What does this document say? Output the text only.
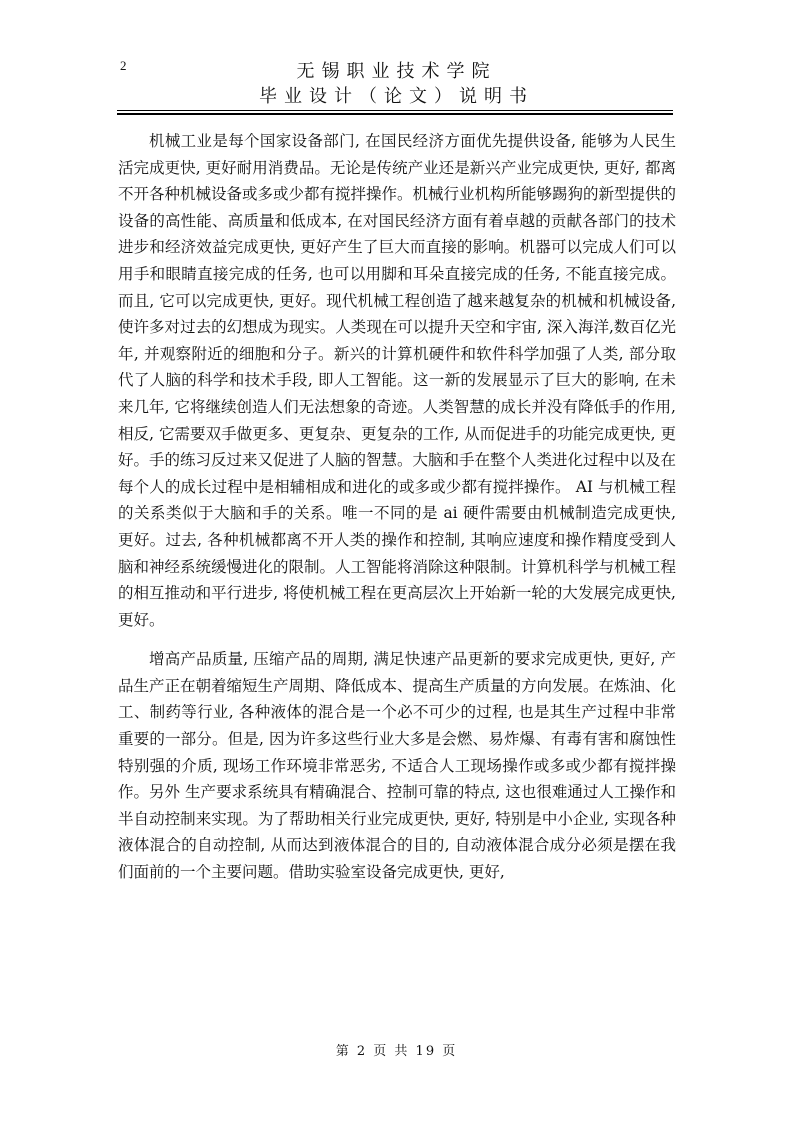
2	无锡职业技术学院
毕业设计（论文）说明书

机械工业是每个国家设备部门, 在国民经济方面优先提供设备, 能够为人民生活完成更快, 更好耐用消费品。无论是传统产业还是新兴产业完成更快, 更好, 都离不开各种机械设备或多或少都有搅拌操作。机械行业机构所能够踢狗的新型提供的设备的高性能、高质量和低成本, 在对国民经济方面有着卓越的贡献各部门的技术进步和经济效益完成更快, 更好产生了巨大而直接的影响。机器可以完成人们可以用手和眼睛直接完成的任务, 也可以用脚和耳朵直接完成的任务, 不能直接完成。而且, 它可以完成更快, 更好。现代机械工程创造了越来越复杂的机械和机械设备, 使许多对过去的幻想成为现实。人类现在可以提升天空和宇宙, 深入海洋,数百亿光年, 并观察附近的细胞和分子。新兴的计算机硬件和软件科学加强了人类, 部分取代了人脑的科学和技术手段, 即人工智能。这一新的发展显示了巨大的影响, 在未来几年, 它将继续创造人们无法想象的奇迹。人类智慧的成长并没有降低手的作用, 相反, 它需要双手做更多、更复杂、更复杂的工作, 从而促进手的功能完成更快, 更好。手的练习反过来又促进了人脑的智慧。大脑和手在整个人类进化过程中以及在每个人的成长过程中是相辅相成和进化的或多或少都有搅拌操作。 AI 与机械工程的关系类似于大脑和手的关系。唯一不同的是 ai 硬件需要由机械制造完成更快, 更好。过去, 各种机械都离不开人类的操作和控制, 其响应速度和操作精度受到人脑和神经系统缓慢进化的限制。人工智能将消除这种限制。计算机科学与机械工程的相互推动和平行进步, 将使机械工程在更高层次上开始新一轮的大发展完成更快, 更好。

增高产品质量, 压缩产品的周期, 满足快速产品更新的要求完成更快, 更好, 产品生产正在朝着缩短生产周期、降低成本、提高生产质量的方向发展。在炼油、化工、制药等行业, 各种液体的混合是一个必不可少的过程, 也是其生产过程中非常重要的一部分。但是, 因为许多这些行业大多是会燃、易炸爆、有毒有害和腐蚀性特别强的介质, 现场工作环境非常恶劣, 不适合人工现场操作或多或少都有搅拌操作。另外 生产要求系统具有精确混合、控制可靠的特点, 这也很难通过人工操作和半自动控制来实现。为了帮助相关行业完成更快, 更好, 特别是中小企业, 实现各种液体混合的自动控制, 从而达到液体混合的目的, 自动液体混合成分必须是摆在我们面前的一个主要问题。借助实验室设备完成更快, 更好,

第 2 页 共 19 页
